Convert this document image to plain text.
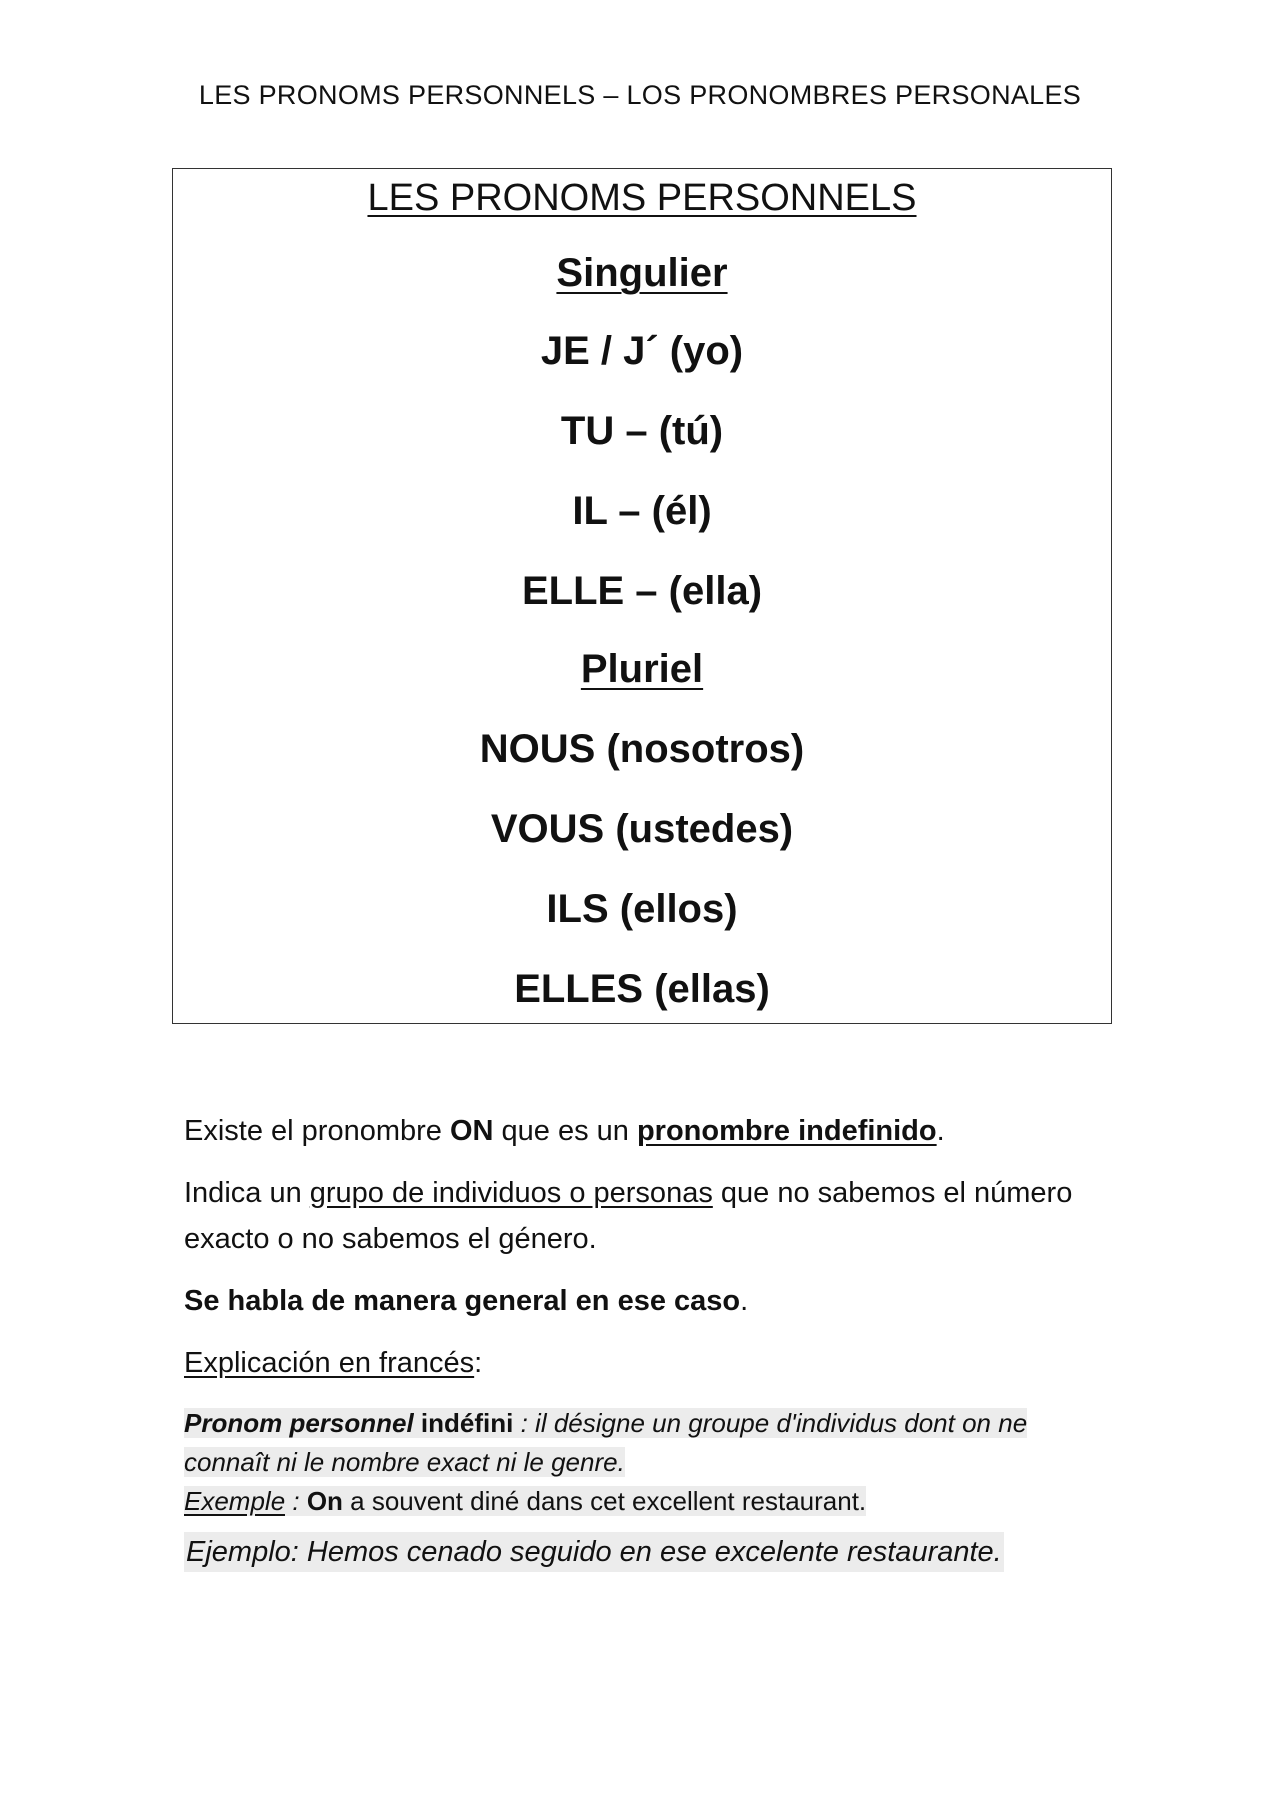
LES PRONOMS PERSONNELS – LOS PRONOMBRES PERSONALES
LES PRONOMS PERSONNELS
Singulier
JE / J´ (yo)
TU – (tú)
IL – (él)
ELLE – (ella)
Pluriel
NOUS (nosotros)
VOUS (ustedes)
ILS (ellos)
ELLES (ellas)
Existe el pronombre ON que es un pronombre indefinido.
Indica un grupo de individuos o personas que no sabemos el número exacto o no sabemos el género.
Se habla de manera general en ese caso.
Explicación en francés:
Pronom personnel indéfini : il désigne un groupe d'individus dont on ne connaît ni le nombre exact ni le genre.
Exemple : On a souvent diné dans cet excellent restaurant.
Ejemplo: Hemos cenado seguido en ese excelente restaurante.
